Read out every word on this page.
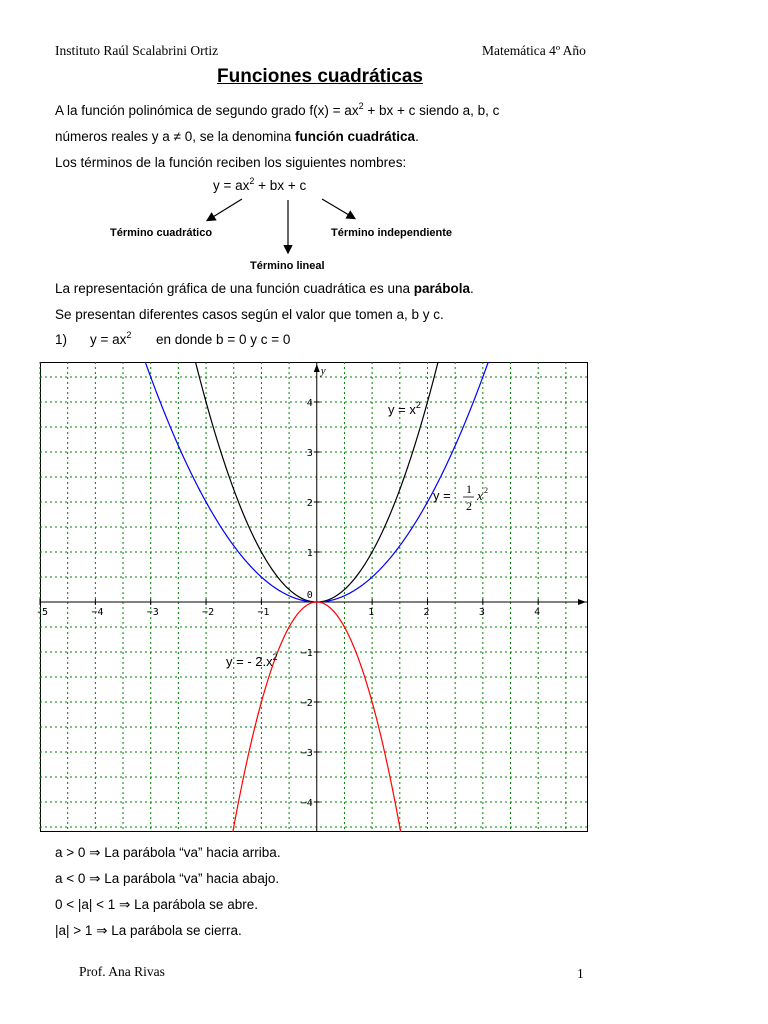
Instituto Raúl Scalabrini Ortiz	Matemática 4º Año
Funciones cuadráticas
A la función polinómica de segundo grado $f(x) = ax^2$ + bx + c siendo a, b, c
números reales y a ≠ 0, se la denomina función cuadrática.
Los términos de la función reciben los siguientes nombres:
$y = ax^2$ + bx + c
Término cuadrático
Término lineal
Término independiente
La representación gráfica de una función cuadrática es una parábola.
Se presentan diferentes casos según el valor que tomen a, b y c.
1) $y = ax^2$ en donde b = 0 y c = 0
y
0
-5	−4	−3	−2	−1	1	2	3	4
4
3
2
1
−1
−2
−3
−4
$y = x^2$
y = 1
2
x 2
y = - $2.x^2$
a > 0 ⇒ La parábola “va” hacia arriba.
a < 0 ⇒ La parábola “va” hacia abajo.
0 < |a| < 1 ⇒ La parábola se abre.
|a| > 1 ⇒ La parábola se cierra.
Prof. Ana Rivas	1
